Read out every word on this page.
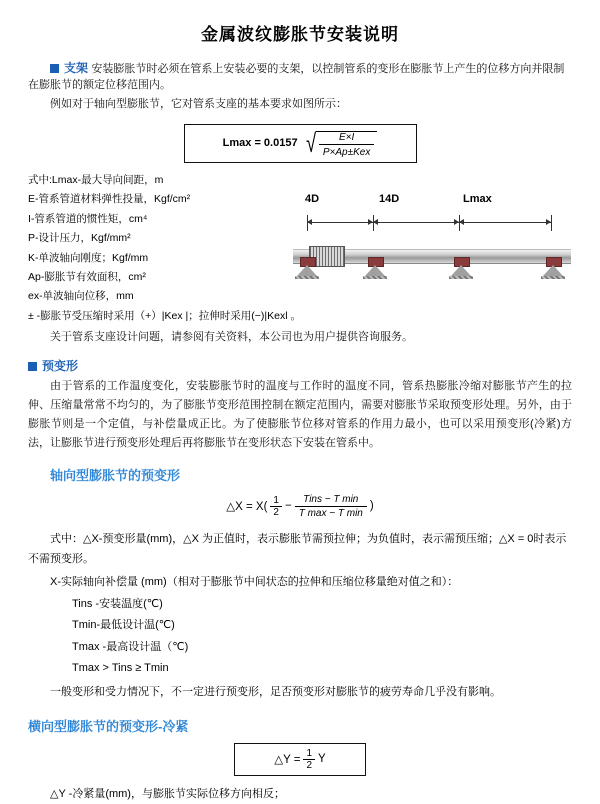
金属波纹膨胀节安装说明
支架 安装膨胀节时必须在管系上安装必要的支架，以控制管系的变形在膨胀节上产生的位移方向并限制在膨胀节的额定位移范围内。
例如对于轴向型膨胀节，它对管系支座的基本要求如图所示：
Lmax = 0.0157 √ $\frac{E\times I}{\text{P×Ap±Kex}}$
式中:Lmax-最大导向间距，m
E-管系管道材料弹性投量，Kgf/cm²
I-管系管道的惯性矩，cm⁴
P-设计压力，Kgf/mm²
K-单波轴向刚度；Kgf/mm
Ap-膨胀节有效面积，cm²
ex-单波轴向位移，mm
± -膨胀节受压缩时采用（+）|Kex |；拉伸时采用(−)|Kexl 。
4D	14D	Lmax
关于管系支座设计问题，请参阅有关资料，本公司也为用户提供咨询服务。
预变形
由于管系的工作温度变化，安装膨胀节时的温度与工作时的温度不同，管系热膨胀冷缩对膨胀节产生的拉伸、压缩量常常不均匀的，为了膨胀节变形范围控制在额定范围内，需要对膨胀节采取预变形处理。另外，由于膨胀节则是一个定值，与补偿量成正比。为了使膨胀节位移对管系的作用力最小，也可以采用预变形(冷紧)方法，让膨胀节进行预变形处理后再将膨胀节在变形状态下安装在管系中。
轴向型膨胀节的预变形
△X = $X( \frac{1}{2}$ −
Tins − T min
T max − T min
)
式中：△X-预变形量(mm)，△X 为正值时，表示膨胀节需预拉伸；为负值时，表示需预压缩；△X = 0时表示不需预变形。
X-实际轴向补偿量 (mm)（相对于膨胀节中间状态的拉伸和压缩位移量绝对值之和）：
Tins -安装温度(℃)
Tmin-最低设计温(℃)
Tmax -最高设计温（℃)
Tmax > Tins ≥ Tmin
一般变形和受力情况下，不一定进行预变形，足否预变形对膨胀节的疲劳寿命几乎没有影响。
横向型膨胀节的预变形-冷紧
△Y = $\frac{1}{2}$ Y
△Y -冷紧量(mm)，与膨胀节实际位移方向相反；
